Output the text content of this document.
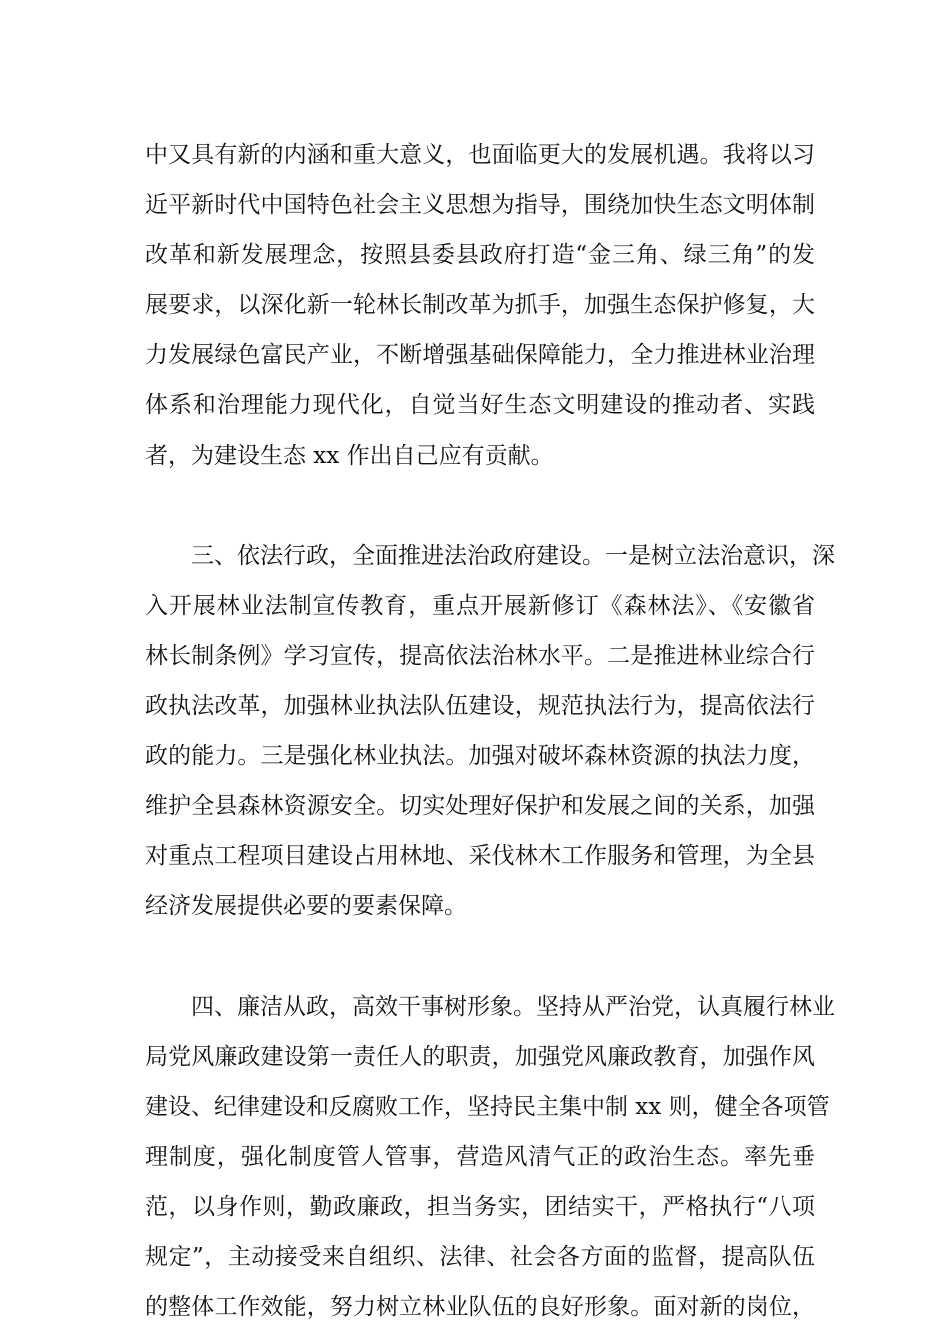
中又具有新的内涵和重大意义，也面临更大的发展机遇。我将以习
近平新时代中国特色社会主义思想为指导，围绕加快生态文明体制
改革和新发展理念，按照县委县政府打造“金三角、绿三角”的发
展要求，以深化新一轮林长制改革为抓手，加强生态保护修复，大
力发展绿色富民产业，不断增强基础保障能力，全力推进林业治理
体系和治理能力现代化，自觉当好生态文明建设的推动者、实践
者，为建设生态 xx 作出自己应有贡献。
三、依法行政，全面推进法治政府建设。一是树立法治意识，深
入开展林业法制宣传教育，重点开展新修订《森林法》、《安徽省
林长制条例》学习宣传，提高依法治林水平。二是推进林业综合行
政执法改革，加强林业执法队伍建设，规范执法行为，提高依法行
政的能力。三是强化林业执法。加强对破坏森林资源的执法力度，
维护全县森林资源安全。切实处理好保护和发展之间的关系，加强
对重点工程项目建设占用林地、采伐林木工作服务和管理，为全县
经济发展提供必要的要素保障。
四、廉洁从政，高效干事树形象。坚持从严治党，认真履行林业
局党风廉政建设第一责任人的职责，加强党风廉政教育，加强作风
建设、纪律建设和反腐败工作，坚持民主集中制 xx 则，健全各项管
理制度，强化制度管人管事，营造风清气正的政治生态。率先垂
范，以身作则，勤政廉政，担当务实，团结实干，严格执行“八项
规定”，主动接受来自组织、法律、社会各方面的监督，提高队伍
的整体工作效能，努力树立林业队伍的良好形象。面对新的岗位，
